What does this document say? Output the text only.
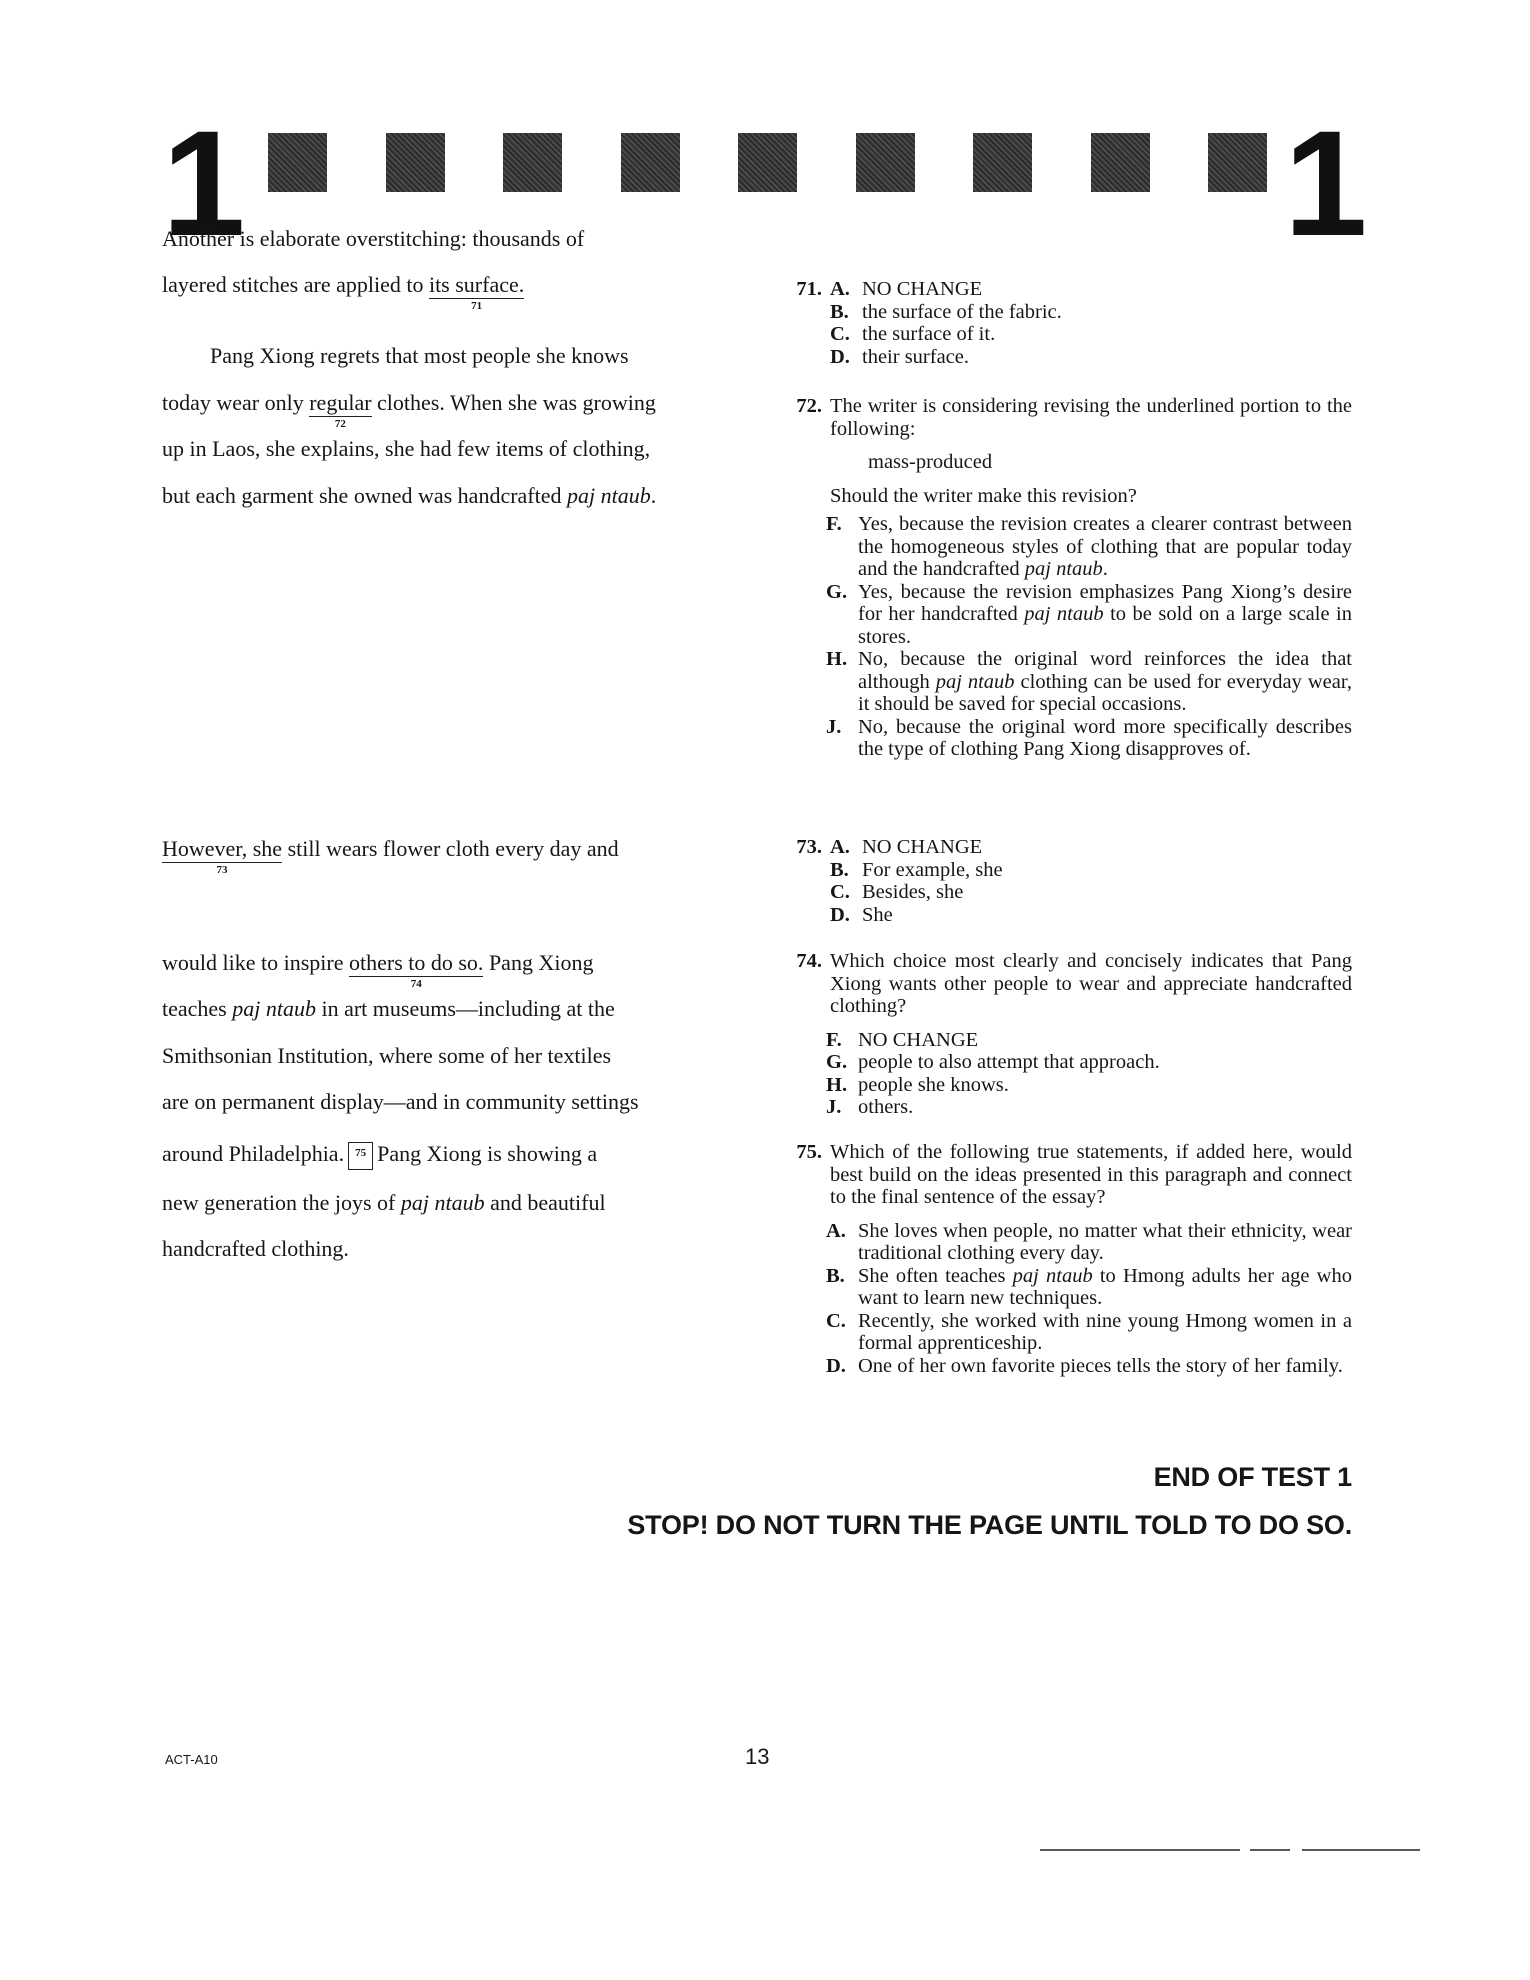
1	1
Another is elaborate overstitching: thousands of
layered stitches are applied to its surface.
71
Pang Xiong regrets that most people she knows
today wear only regular
72
clothes. When she was growing
up in Laos, she explains, she had few items of clothing,
but each garment she owned was handcrafted paj ntaub.
However, she
73
still wears flower cloth every day and
would like to inspire others to do so.
74
Pang Xiong
teaches paj ntaub in art museums—including at the
Smithsonian Institution, where some of her textiles
are on permanent display—and in community settings
around Philadelphia. 75 Pang Xiong is showing a
new generation the joys of paj ntaub and beautiful
handcrafted clothing.
71. A. NO CHANGE
B. the surface of the fabric.
C. the surface of it.
D. their surface.
72. The writer is considering revising the underlined portion to the following:
mass-produced
Should the writer make this revision?
F. Yes, because the revision creates a clearer contrast between the homogeneous styles of clothing that are popular today and the handcrafted paj ntaub.
G. Yes, because the revision emphasizes Pang Xiong’s desire for her handcrafted paj ntaub to be sold on a large scale in stores.
H. No, because the original word reinforces the idea that although paj ntaub clothing can be used for everyday wear, it should be saved for special occasions.
J. No, because the original word more specifically describes the type of clothing Pang Xiong disapproves of.
73. A. NO CHANGE
B. For example, she
C. Besides, she
D. She
74. Which choice most clearly and concisely indicates that Pang Xiong wants other people to wear and appreciate handcrafted clothing?
F. NO CHANGE
G. people to also attempt that approach.
H. people she knows.
J. others.
75. Which of the following true statements, if added here, would best build on the ideas presented in this paragraph and connect to the final sentence of the essay?
A. She loves when people, no matter what their ethnicity, wear traditional clothing every day.
B. She often teaches paj ntaub to Hmong adults her age who want to learn new techniques.
C. Recently, she worked with nine young Hmong women in a formal apprenticeship.
D. One of her own favorite pieces tells the story of her family.
END OF TEST 1
STOP! DO NOT TURN THE PAGE UNTIL TOLD TO DO SO.
ACT-A10	13
